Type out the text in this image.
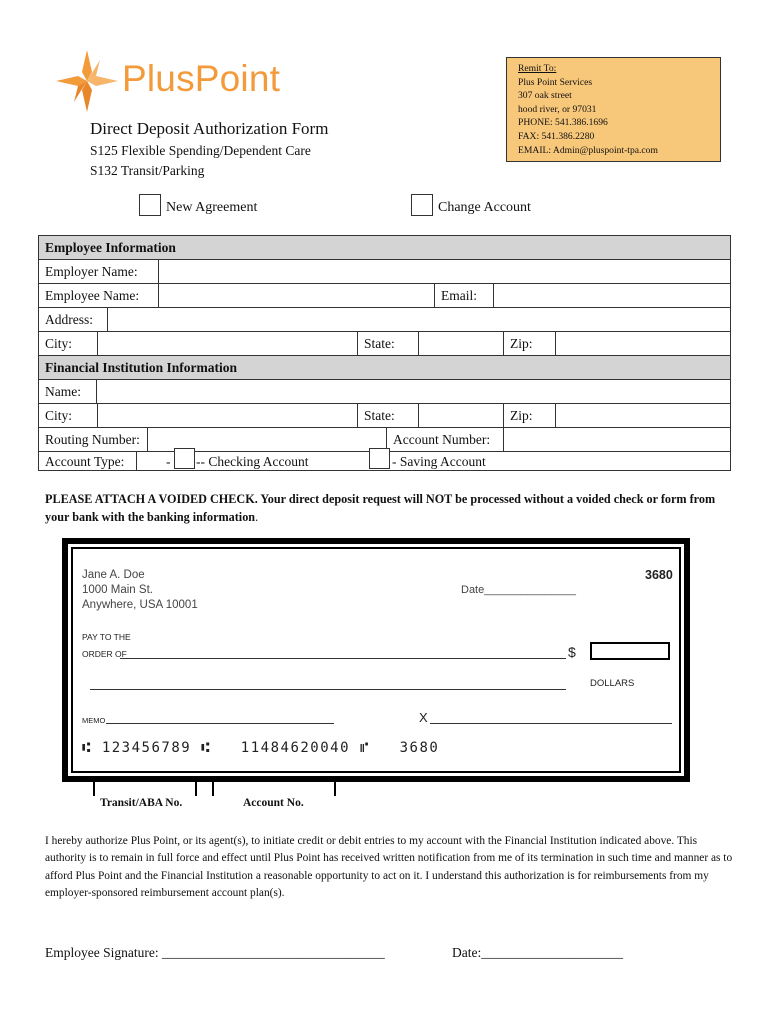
PlusPoint
Direct Deposit Authorization Form
S125 Flexible Spending/Dependent Care
S132 Transit/Parking
Remit To:
Plus Point Services
307 oak street
hood river, or 97031
PHONE: 541.386.1696
FAX: 541.386.2280
EMAIL: Admin@pluspoint-tpa.com
New Agreement	Change Account
Employee Information
Employer Name:
Employee Name:	Email:
Address:
City:	State:	Zip:
Financial Institution Information
Name:
City:	State:	Zip:
Routing Number:	Account Number:
Account Type:	- -- Checking Account	- Saving Account
PLEASE ATTACH A VOIDED CHECK. Your direct deposit request will NOT be processed without a voided check or form from your bank with the banking information.
Jane A. Doe
1000 Main St.
Anywhere, USA 10001
3680
Date_______________
PAY TO THE
ORDER OF	$
DOLLARS
MEMO	X
⑆ 123456789 ⑆   11484620040 ⑈   3680
Transit/ABA No.	Account No.
I hereby authorize Plus Point, or its agent(s), to initiate credit or debit entries to my account with the Financial Institution indicated above. This authority is to remain in full force and effect until Plus Point has received written notification from me of its termination in such time and manner as to afford Plus Point and the Financial Institution a reasonable opportunity to act on it. I understand this authorization is for reimbursements from my employer-sponsored reimbursement account plan(s).
Employee Signature: _________________________________	Date:_____________________
